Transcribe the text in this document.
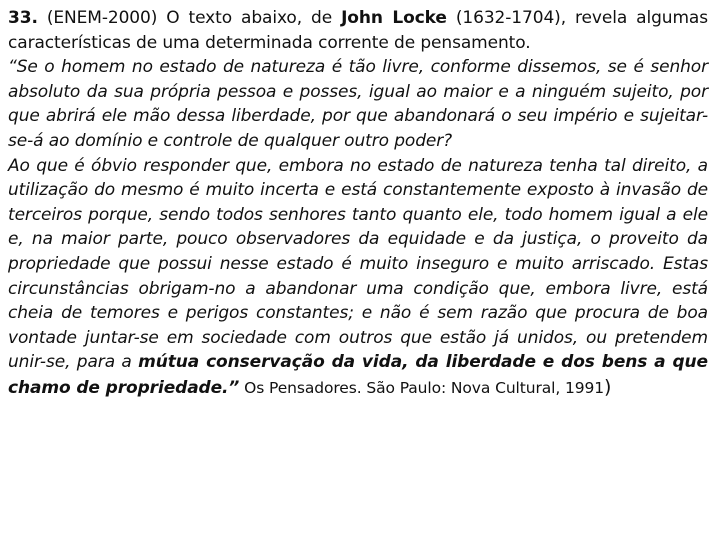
33. (ENEM-2000) O texto abaixo, de John Locke (1632-1704), revela algumas características de uma determinada corrente de pensamento.

“Se o homem no estado de natureza é tão livre, conforme dissemos, se é senhor absoluto da sua própria pessoa e posses, igual ao maior e a ninguém sujeito, por que abrirá ele mão dessa liberdade, por que abandonará o seu império e sujeitar-se-á ao domínio e controle de qualquer outro poder?

Ao que é óbvio responder que, embora no estado de natureza tenha tal direito, a utilização do mesmo é muito incerta e está constantemente exposto à invasão de terceiros porque, sendo todos senhores tanto quanto ele, todo homem igual a ele e, na maior parte, pouco observadores da equidade e da justiça, o proveito da propriedade que possui nesse estado é muito inseguro e muito arriscado. Estas circunstâncias obrigam-no a abandonar uma condição que, embora livre, está cheia de temores e perigos constantes; e não é sem razão que procura de boa vontade juntar-se em sociedade com outros que estão já unidos, ou pretendem unir-se, para a mútua conservação da vida, da liberdade e dos bens a que chamo de propriedade.” Os Pensadores. São Paulo: Nova Cultural, 1991)
